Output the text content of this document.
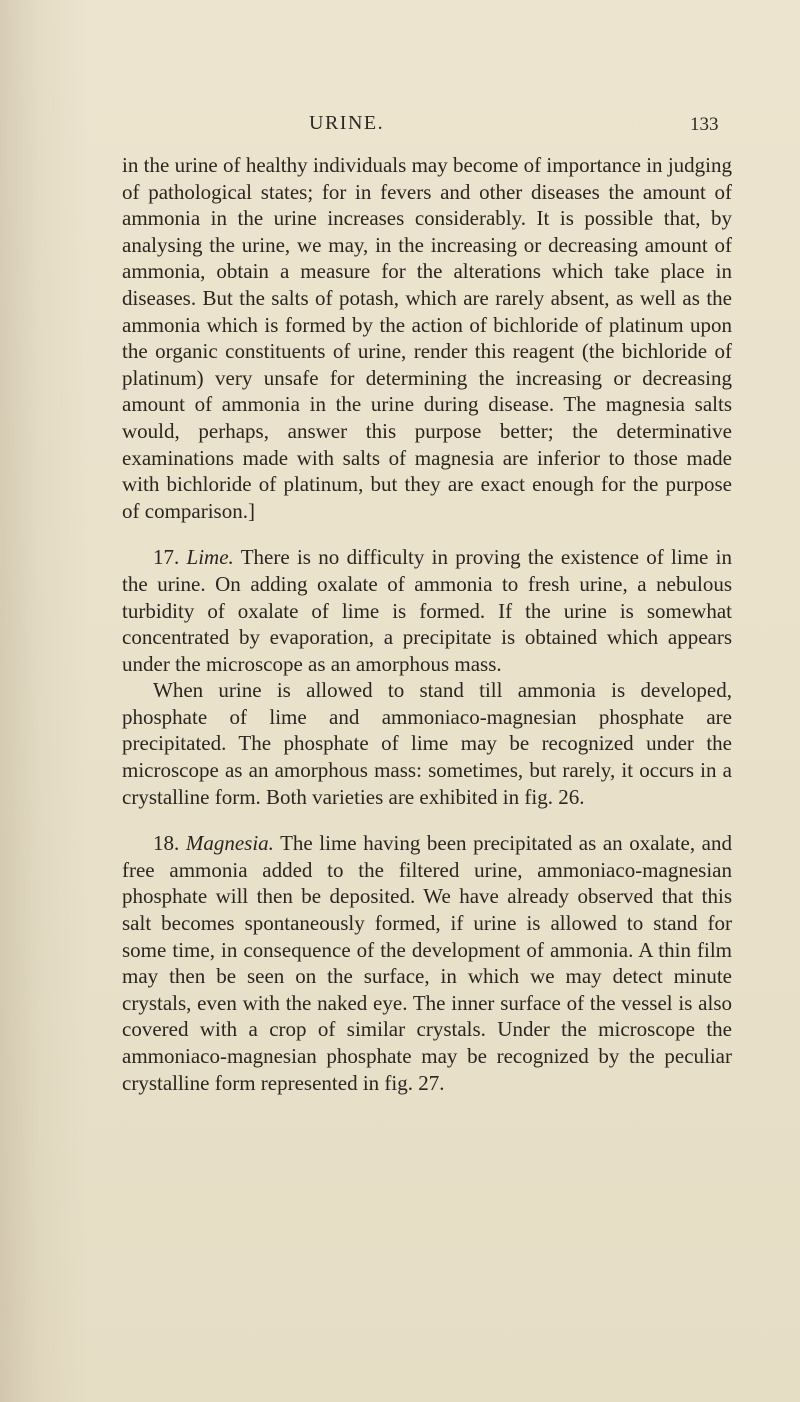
URINE.	133

in the urine of healthy individuals may become of importance in judging of pathological states; for in fevers and other diseases the amount of ammonia in the urine increases considerably. It is possible that, by analysing the urine, we may, in the increasing or decreasing amount of ammonia, obtain a measure for the alterations which take place in diseases. But the salts of potash, which are rarely absent, as well as the ammonia which is formed by the action of bichloride of platinum upon the organic constituents of urine, render this reagent (the bichloride of platinum) very unsafe for determining the increasing or decreasing amount of ammonia in the urine during disease. The magnesia salts would, perhaps, answer this purpose better; the determinative examinations made with salts of magnesia are inferior to those made with bichloride of platinum, but they are exact enough for the purpose of comparison.]

17. Lime. There is no difficulty in proving the existence of lime in the urine. On adding oxalate of ammonia to fresh urine, a nebulous turbidity of oxalate of lime is formed. If the urine is somewhat concentrated by evaporation, a precipitate is obtained which appears under the microscope as an amorphous mass.

When urine is allowed to stand till ammonia is developed, phosphate of lime and ammoniaco-magnesian phosphate are precipitated. The phosphate of lime may be recognized under the microscope as an amorphous mass: sometimes, but rarely, it occurs in a crystalline form. Both varieties are exhibited in fig. 26.

18. Magnesia. The lime having been precipitated as an oxalate, and free ammonia added to the filtered urine, ammoniaco-magnesian phosphate will then be deposited. We have already observed that this salt becomes spontaneously formed, if urine is allowed to stand for some time, in consequence of the development of ammonia. A thin film may then be seen on the surface, in which we may detect minute crystals, even with the naked eye. The inner surface of the vessel is also covered with a crop of similar crystals. Under the microscope the ammoniaco-magnesian phosphate may be recognized by the peculiar crystalline form represented in fig. 27.
